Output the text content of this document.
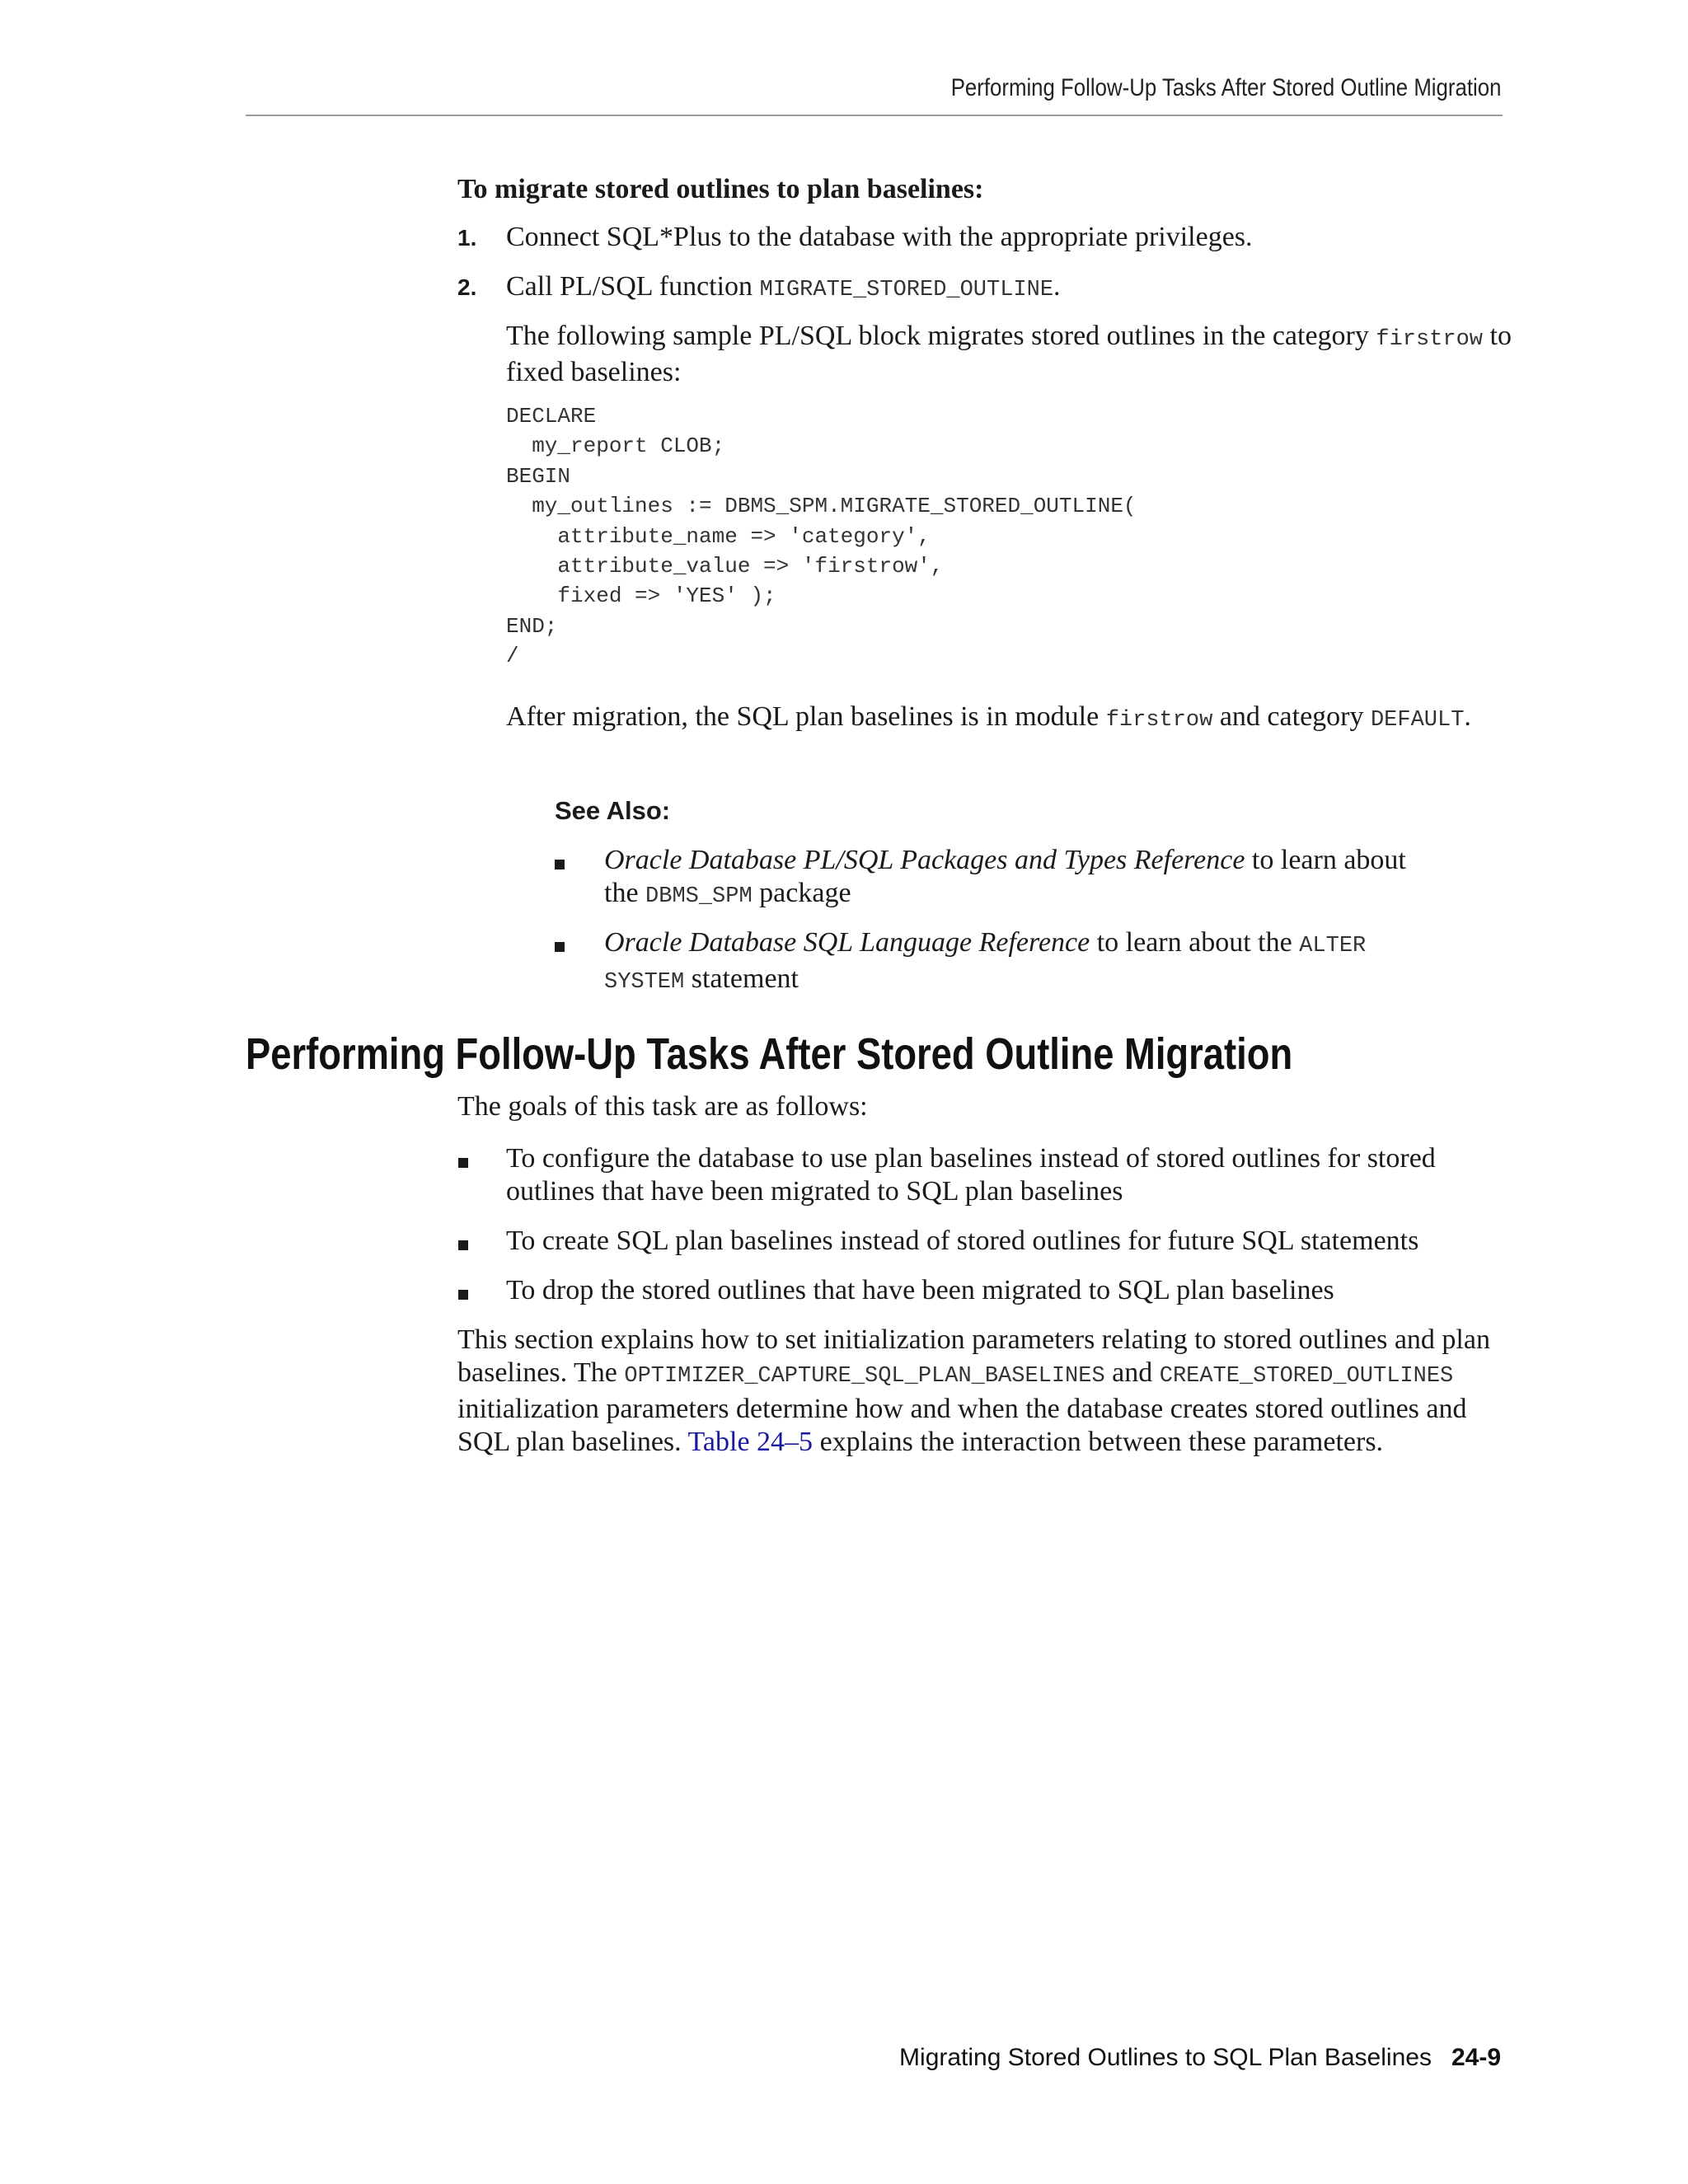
Performing Follow-Up Tasks After Stored Outline Migration
To migrate stored outlines to plan baselines:
1. Connect SQL*Plus to the database with the appropriate privileges.
2. Call PL/SQL function MIGRATE_STORED_OUTLINE.
The following sample PL/SQL block migrates stored outlines in the category firstrow to fixed baselines:
DECLARE
my_report CLOB;
BEGIN
my_outlines := DBMS_SPM.MIGRATE_STORED_OUTLINE(
attribute_name => 'category',
attribute_value => 'firstrow',
fixed => 'YES' );
END;
/
After migration, the SQL plan baselines is in module firstrow and category DEFAULT.
See Also:
Oracle Database PL/SQL Packages and Types Reference to learn about the DBMS_SPM package
Oracle Database SQL Language Reference to learn about the ALTER SYSTEM statement
Performing Follow-Up Tasks After Stored Outline Migration
The goals of this task are as follows:
To configure the database to use plan baselines instead of stored outlines for stored outlines that have been migrated to SQL plan baselines
To create SQL plan baselines instead of stored outlines for future SQL statements
To drop the stored outlines that have been migrated to SQL plan baselines
This section explains how to set initialization parameters relating to stored outlines and plan baselines. The OPTIMIZER_CAPTURE_SQL_PLAN_BASELINES and CREATE_STORED_OUTLINES initialization parameters determine how and when the database creates stored outlines and SQL plan baselines. Table 24–5 explains the interaction between these parameters.
Migrating Stored Outlines to SQL Plan Baselines 24-9
